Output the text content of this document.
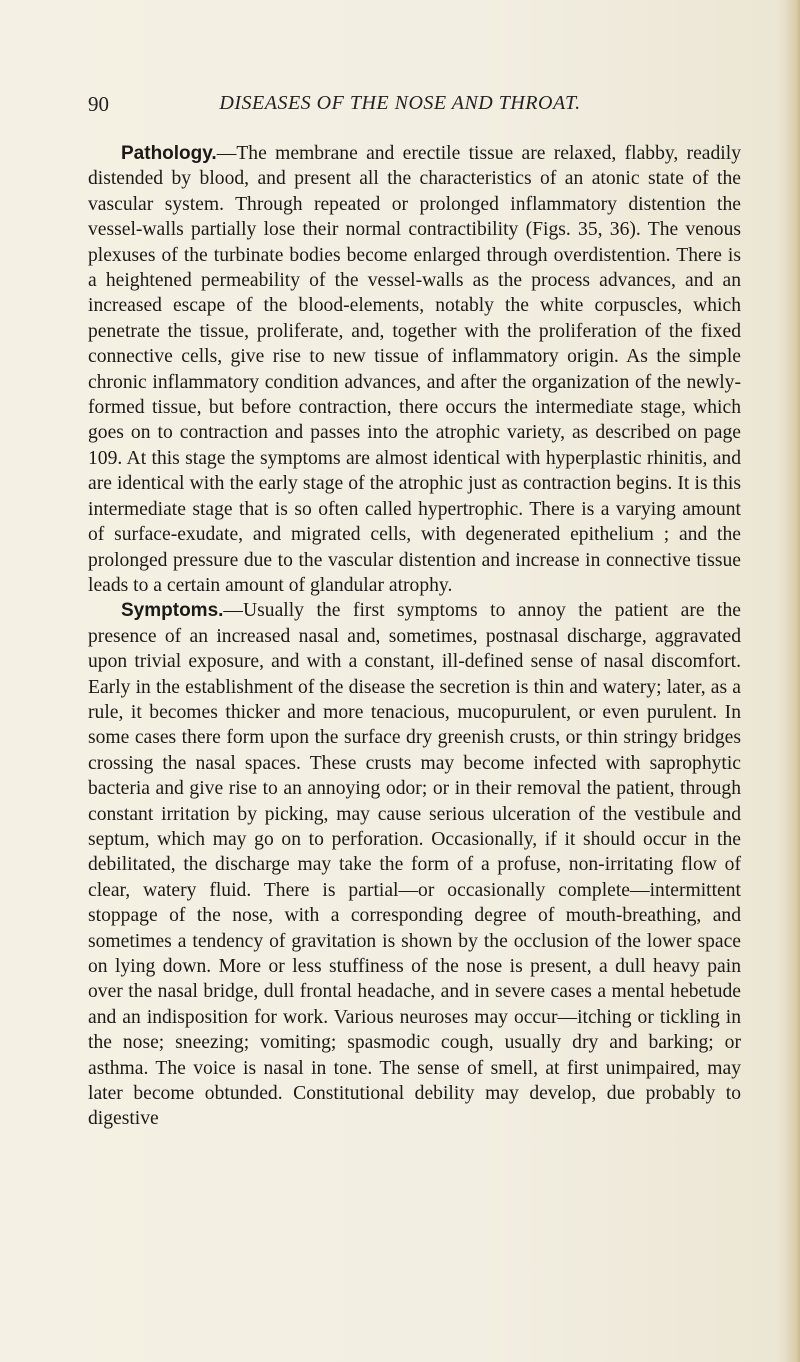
90	DISEASES OF THE NOSE AND THROAT.

Pathology.—The membrane and erectile tissue are relaxed, flabby, readily distended by blood, and present all the characteristics of an atonic state of the vascular system. Through repeated or prolonged inflammatory distention the vessel-walls partially lose their normal contractibility (Figs. 35, 36). The venous plexuses of the turbinate bodies become enlarged through overdistention. There is a heightened permeability of the vessel-walls as the process advances, and an increased escape of the blood-elements, notably the white corpuscles, which penetrate the tissue, proliferate, and, together with the proliferation of the fixed connective cells, give rise to new tissue of inflammatory origin. As the simple chronic inflammatory condition advances, and after the organization of the newly-formed tissue, but before contraction, there occurs the intermediate stage, which goes on to contraction and passes into the atrophic variety, as described on page 109. At this stage the symptoms are almost identical with hyperplastic rhinitis, and are identical with the early stage of the atrophic just as contraction begins. It is this intermediate stage that is so often called hypertrophic. There is a varying amount of surface-exudate, and migrated cells, with degenerated epithelium ; and the prolonged pressure due to the vascular distention and increase in connective tissue leads to a certain amount of glandular atrophy.

Symptoms.—Usually the first symptoms to annoy the patient are the presence of an increased nasal and, sometimes, postnasal discharge, aggravated upon trivial exposure, and with a constant, ill-defined sense of nasal discomfort. Early in the establishment of the disease the secretion is thin and watery; later, as a rule, it becomes thicker and more tenacious, mucopurulent, or even purulent. In some cases there form upon the surface dry greenish crusts, or thin stringy bridges crossing the nasal spaces. These crusts may become infected with saprophytic bacteria and give rise to an annoying odor; or in their removal the patient, through constant irritation by picking, may cause serious ulceration of the vestibule and septum, which may go on to perforation. Occasionally, if it should occur in the debilitated, the discharge may take the form of a profuse, non-irritating flow of clear, watery fluid. There is partial—or occasionally complete—intermittent stoppage of the nose, with a corresponding degree of mouth-breathing, and sometimes a tendency of gravitation is shown by the occlusion of the lower space on lying down. More or less stuffiness of the nose is present, a dull heavy pain over the nasal bridge, dull frontal headache, and in severe cases a mental hebetude and an indisposition for work. Various neuroses may occur—itching or tickling in the nose; sneezing; vomiting; spasmodic cough, usually dry and barking; or asthma. The voice is nasal in tone. The sense of smell, at first unimpaired, may later become obtunded. Constitutional debility may develop, due probably to digestive
